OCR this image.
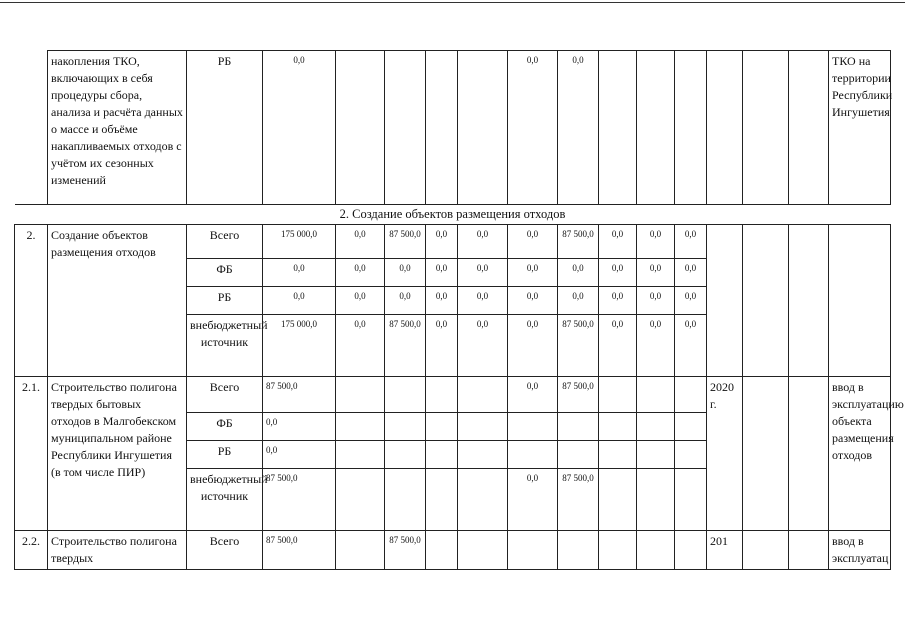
	накопления ТКО, включающих в себя процедуры сбора, анализа и расчёта данных о массе и объёме накапливаемых отходов с учётом их сезонных изменений	РБ	0,0					0,0	0,0							ТКО на территории Республики Ингушетия
2. Создание объектов размещения отходов																
2.	Создание объектов размещения отходов	Всего	175 000,0	0,0	87 500,0	0,0	0,0	0,0	87 500,0	0,0	0,0	0,0				
		ФБ	0,0	0,0	0,0	0,0	0,0	0,0	0,0	0,0	0,0	0,0				
		РБ	0,0	0,0	0,0	0,0	0,0	0,0	0,0	0,0	0,0	0,0				
		внебюджетный источник	175 000,0	0,0	87 500,0	0,0	0,0	0,0	87 500,0	0,0	0,0	0,0				
2.1.	Строительство полигона твердых бытовых отходов в Малгобекском муниципальном районе Республики Ингушетия (в том числе ПИР)	Всего	87 500,0					0,0	87 500,0				2020 г.			ввод в эксплуатацию объекта размещения отходов
		ФБ	0,0													
		РБ	0,0													
		внебюджетный источник	87 500,0					0,0	87 500,0							
2.2.	Строительство полигона твердых	Всего	87 500,0		87 500,0								201			ввод в эксплуатац
